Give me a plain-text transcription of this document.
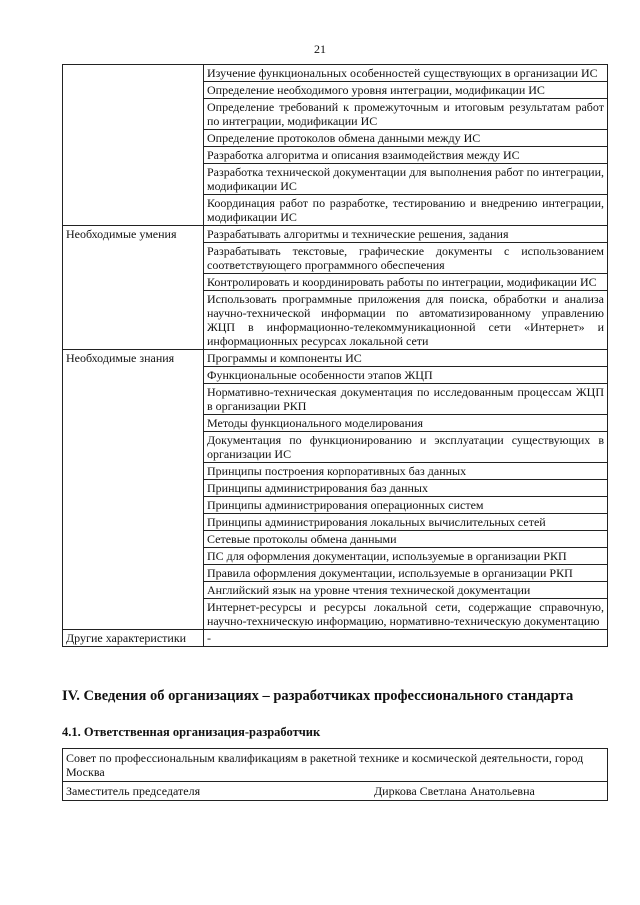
21
	Изучение функциональных особенностей существующих в организации ИС
	Определение необходимого уровня интеграции, модификации ИС
	Определение требований к промежуточным и итоговым результатам работ по интеграции, модификации ИС
	Определение протоколов обмена данными между ИС
	Разработка алгоритма и описания взаимодействия между ИС
	Разработка технической документации для выполнения работ по интеграции, модификации ИС
	Координация работ по разработке, тестированию и внедрению интеграции, модификации ИС
Необходимые умения	Разрабатывать алгоритмы и технические решения, задания
	Разрабатывать текстовые, графические документы с использованием соответствующего программного обеспечения
	Контролировать и координировать работы по интеграции, модификации ИС
	Использовать программные приложения для поиска, обработки и анализа научно-технической информации по автоматизированному управлению ЖЦП в информационно-телекоммуникационной сети «Интернет» и информационных ресурсах локальной сети
Необходимые знания	Программы и компоненты ИС
	Функциональные особенности этапов ЖЦП
	Нормативно-техническая документация по исследованным процессам ЖЦП в организации РКП
	Методы функционального моделирования
	Документация по функционированию и эксплуатации существующих в организации ИС
	Принципы построения корпоративных баз данных
	Принципы администрирования баз данных
	Принципы администрирования операционных систем
	Принципы администрирования локальных вычислительных сетей
	Сетевые протоколы обмена данными
	ПС для оформления документации, используемые в организации РКП
	Правила оформления документации, используемые в организации РКП
	Английский язык на уровне чтения технической документации
	Интернет-ресурсы и ресурсы локальной сети, содержащие справочную, научно-техническую информацию, нормативно-техническую документацию
Другие характеристики	-
IV. Сведения об организациях – разработчиках профессионального стандарта
4.1. Ответственная организация-разработчик
Совет по профессиональным квалификациям в ракетной технике и космической деятельности, город Москва

Заместитель председателя	Диркова Светлана Анатольевна
